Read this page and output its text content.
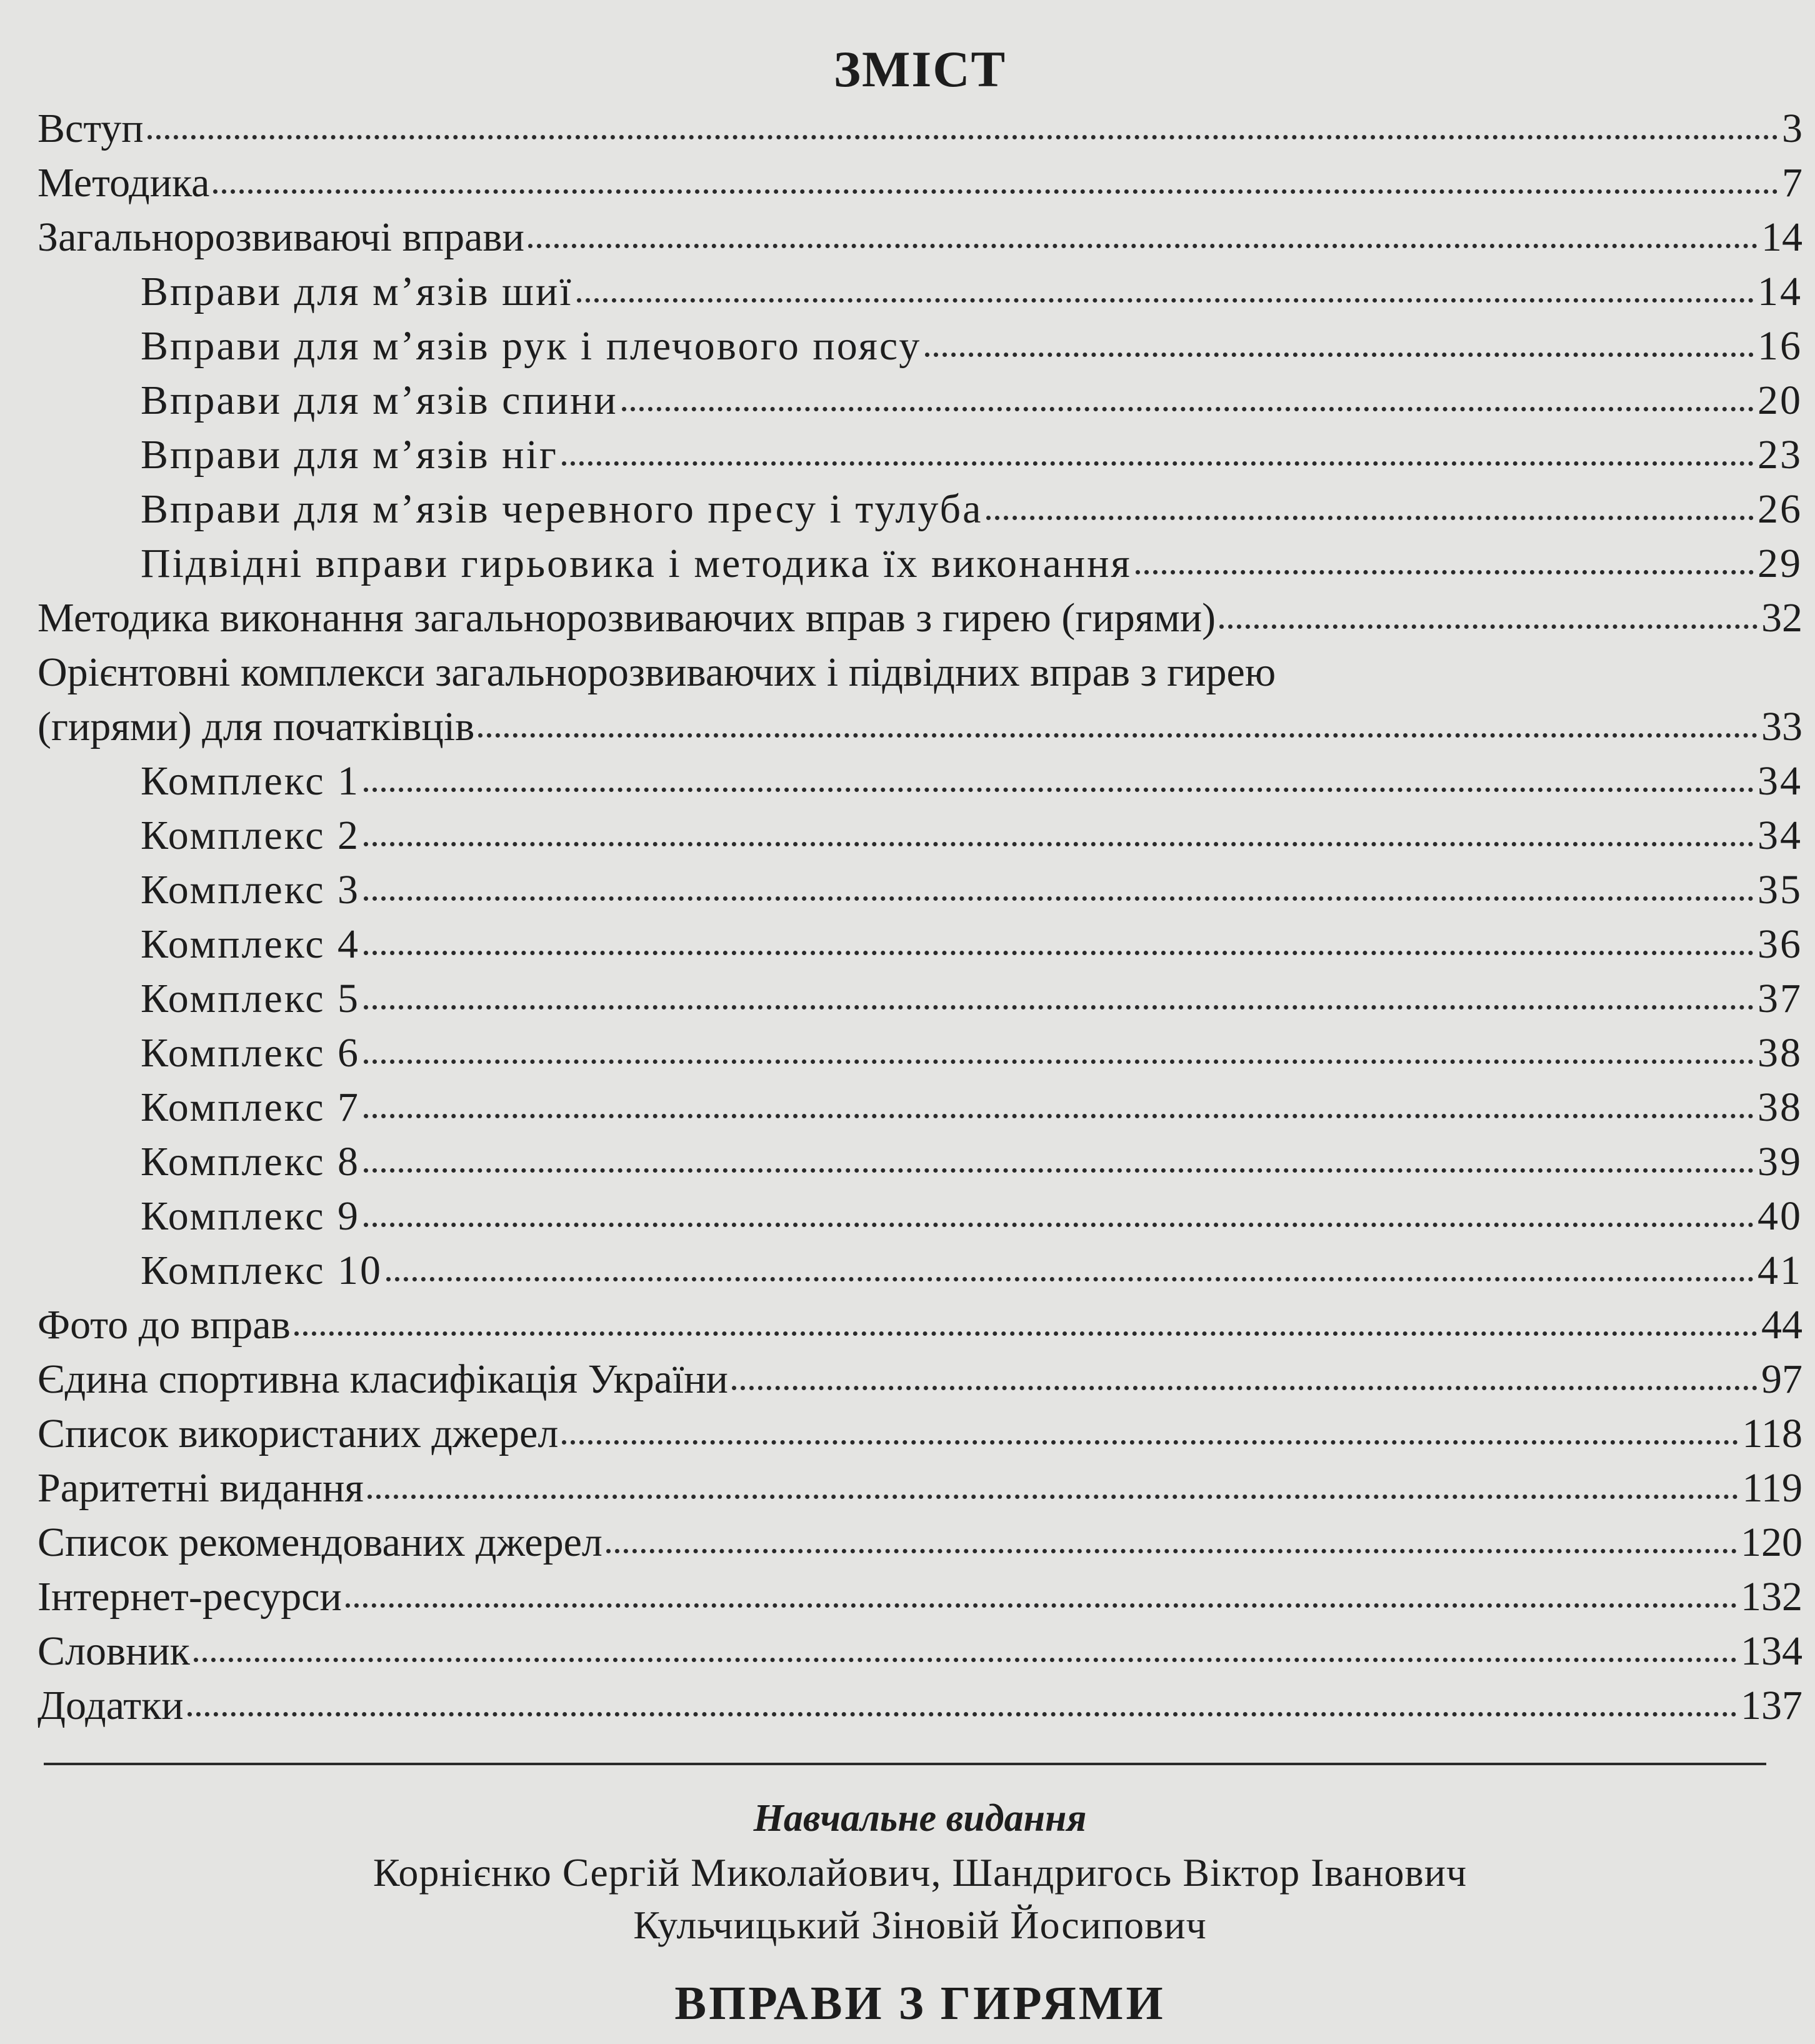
ЗМІСТ
Вступ	3
Методика	7
Загальнорозвиваючі вправи	14
Вправи для м’язів шиї	14
Вправи для м’язів рук і плечового поясу	16
Вправи для м’язів спини	20
Вправи для м’язів ніг	23
Вправи для м’язів черевного пресу і тулуба	26
Підвідні вправи гирьовика і методика їх виконання	29
Методика виконання загальнорозвиваючих вправ з гирею (гирями)	32
Орієнтовні комплекси загальнорозвиваючих і підвідних вправ з гирею
(гирями) для початківців	33
Комплекс 1	34
Комплекс 2	34
Комплекс 3	35
Комплекс 4	36
Комплекс 5	37
Комплекс 6	38
Комплекс 7	38
Комплекс 8	39
Комплекс 9	40
Комплекс 10	41
Фото до вправ	44
Єдина спортивна класифікація України	97
Список використаних джерел	118
Раритетні видання	119
Список рекомендованих джерел	120
Інтернет-ресурси	132
Словник	134
Додатки	137
Навчальне видання
Корнієнко Сергій Миколайович, Шандригось Віктор Іванович
Кульчицький Зіновій Йосипович
ВПРАВИ З ГИРЯМИ
